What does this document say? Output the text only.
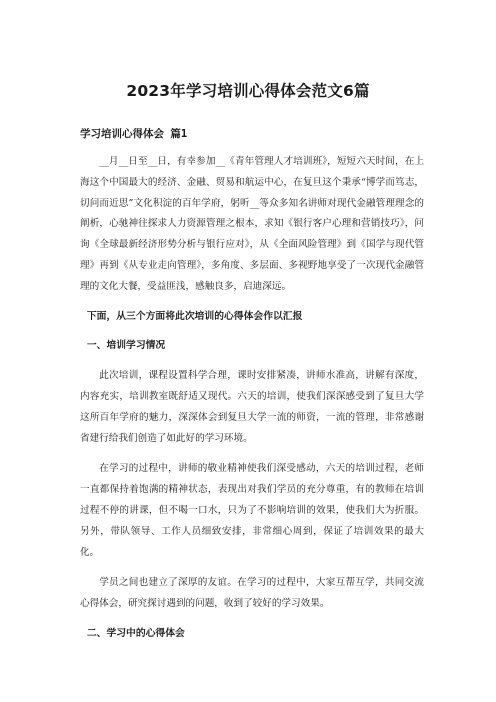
2023年学习培训心得体会范文6篇
学习培训心得体会 篇1

__月__日至__日，有幸参加__《青年管理人才培训班》，短短六天时间，在上海这个中国最大的经济、金融、贸易和航运中心，在复旦这个秉承“博学而笃志，切问而近思”文化积淀的百年学府，躬听__等众多知名讲师对现代金融管理理念的阐析，心驰神往探求人力资源管理之根本，求知《银行客户心理和营销技巧》，问询《全球最新经济形势分析与银行应对》，从《全面风险管理》到《国学与现代管理》再到《从专业走向管理》，多角度、多层面、多视野地享受了一次现代金融管理的文化大餐，受益匪浅，感触良多，启迪深远。

下面，从三个方面将此次培训的心得体会作以汇报

一、培训学习情况

此次培训，课程设置科学合理，课时安排紧凑，讲师水准高，讲解有深度，内容充实，培训教室既舒适又现代。六天的培训，使我们深深感受到了复旦大学这所百年学府的魅力，深深体会到复旦大学一流的师资，一流的管理，非常感谢省建行给我们创造了如此好的学习环境。

在学习的过程中，讲师的敬业精神使我们深受感动，六天的培训过程，老师一直都保持着饱满的精神状态，表现出对我们学员的充分尊重，有的教师在培训过程不停的讲课，但不喝一口水，只为了不影响培训的效果，使我们大为折服。另外，带队领导、工作人员细致安排，非常细心周到，保证了培训效果的最大化。

学员之间也建立了深厚的友谊。在学习的过程中，大家互帮互学，共同交流心得体会，研究探讨遇到的问题，收到了较好的学习效果。

二、学习中的心得体会
